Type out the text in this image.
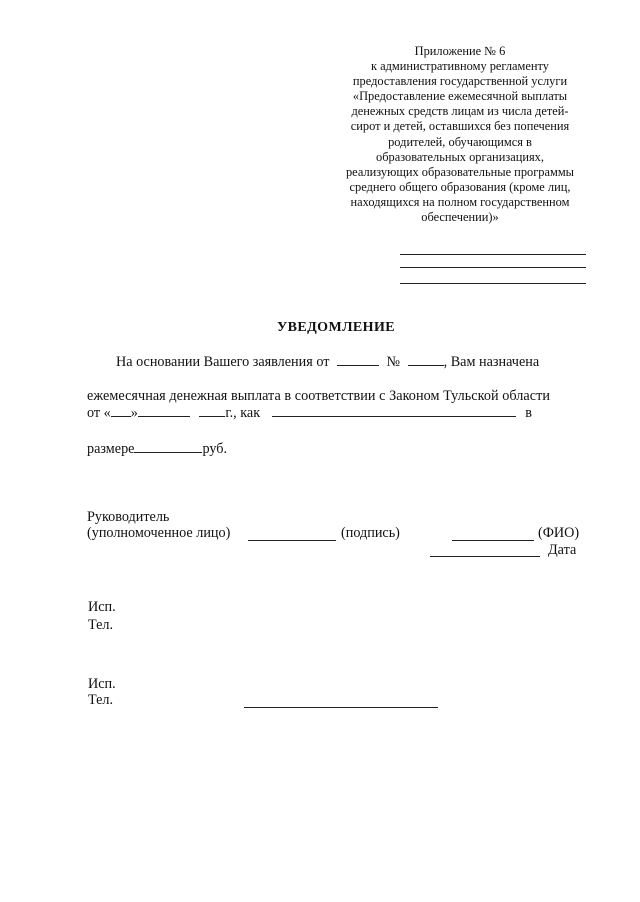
Приложение № 6
к административному регламенту
предоставления государственной услуги
«Предоставление ежемесячной выплаты
денежных средств лицам из числа детей-
сирот и детей, оставшихся без попечения
родителей, обучающимся в
образовательных организациях,
реализующих образовательные программы
среднего общего образования (кроме лиц,
находящихся на полном государственном
обеспечении)»
УВЕДОМЛЕНИЕ
На основании Вашего заявления от	№	, Вам назначена
ежемесячная денежная выплата в соответствии с Законом Тульской области
от « »	г., как	в
размере	руб.
Руководитель
(уполномоченное лицо)	(подпись)	(ФИО)
Дата
Исп.
Тел.
Исп.
Тел.
